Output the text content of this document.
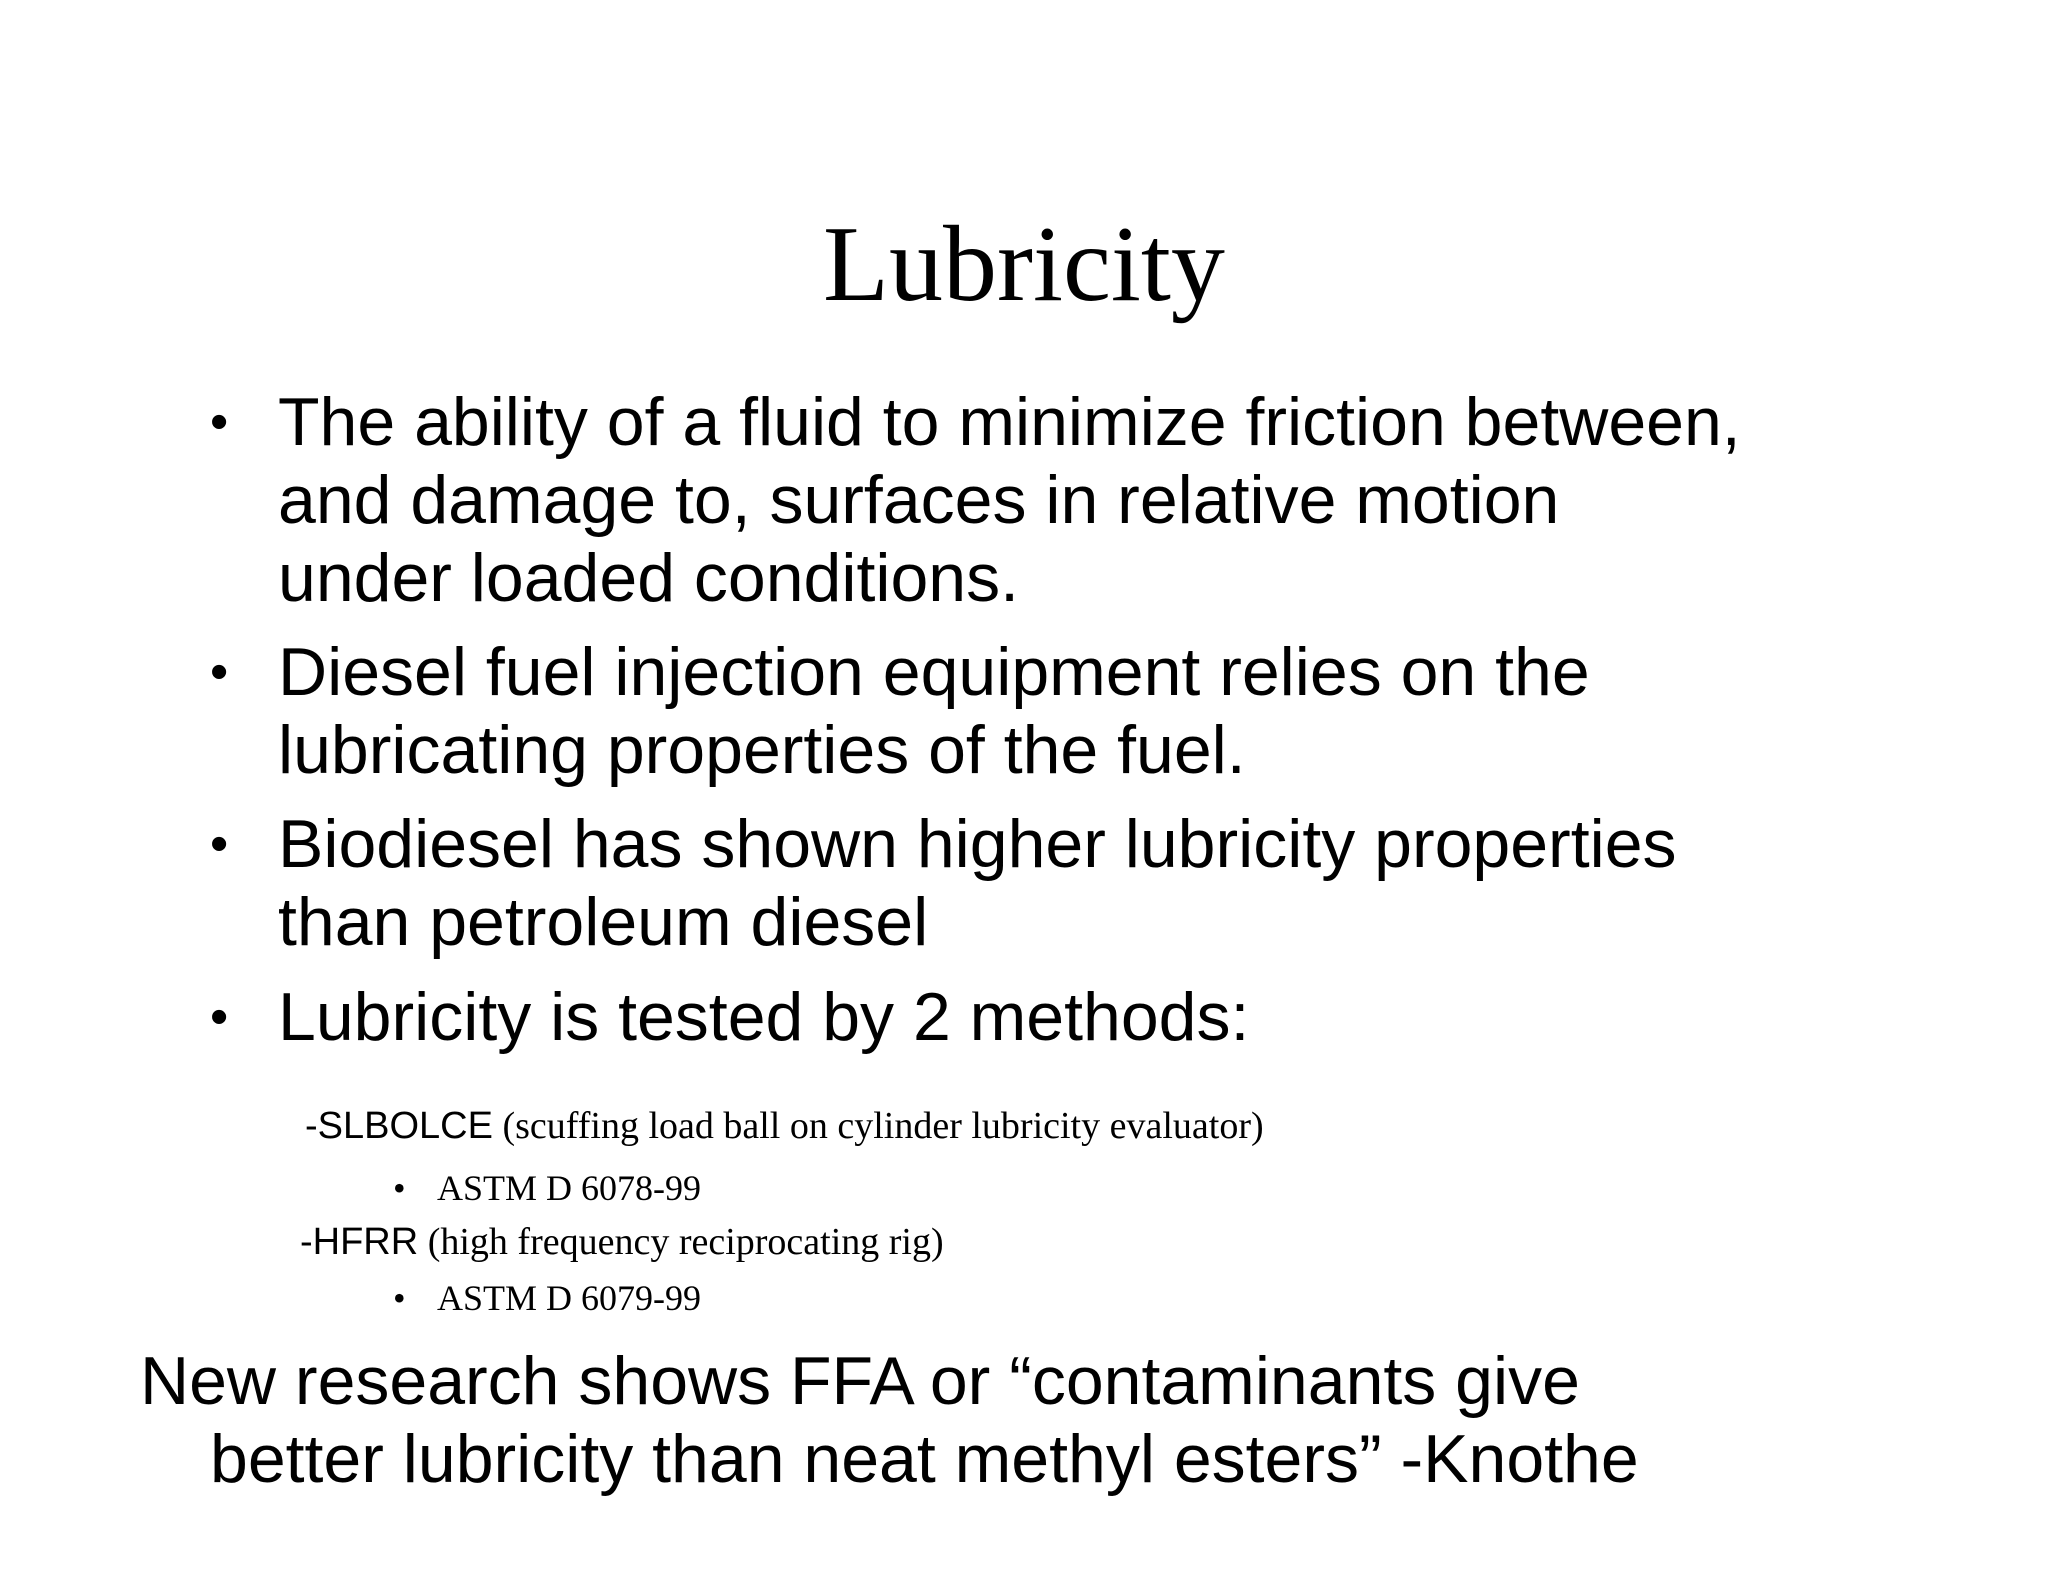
Lubricity
• The ability of a fluid to minimize friction between,
and damage to, surfaces in relative motion
under loaded conditions.
• Diesel fuel injection equipment relies on the
lubricating properties of the fuel.
• Biodiesel has shown higher lubricity properties
than petroleum diesel
• Lubricity is tested by 2 methods:
-SLBOLCE (scuffing load ball on cylinder lubricity evaluator)
• ASTM D 6078-99
-HFRR (high frequency reciprocating rig)
• ASTM D 6079-99
New research shows FFA or “contaminants give
better lubricity than neat methyl esters” -Knothe
